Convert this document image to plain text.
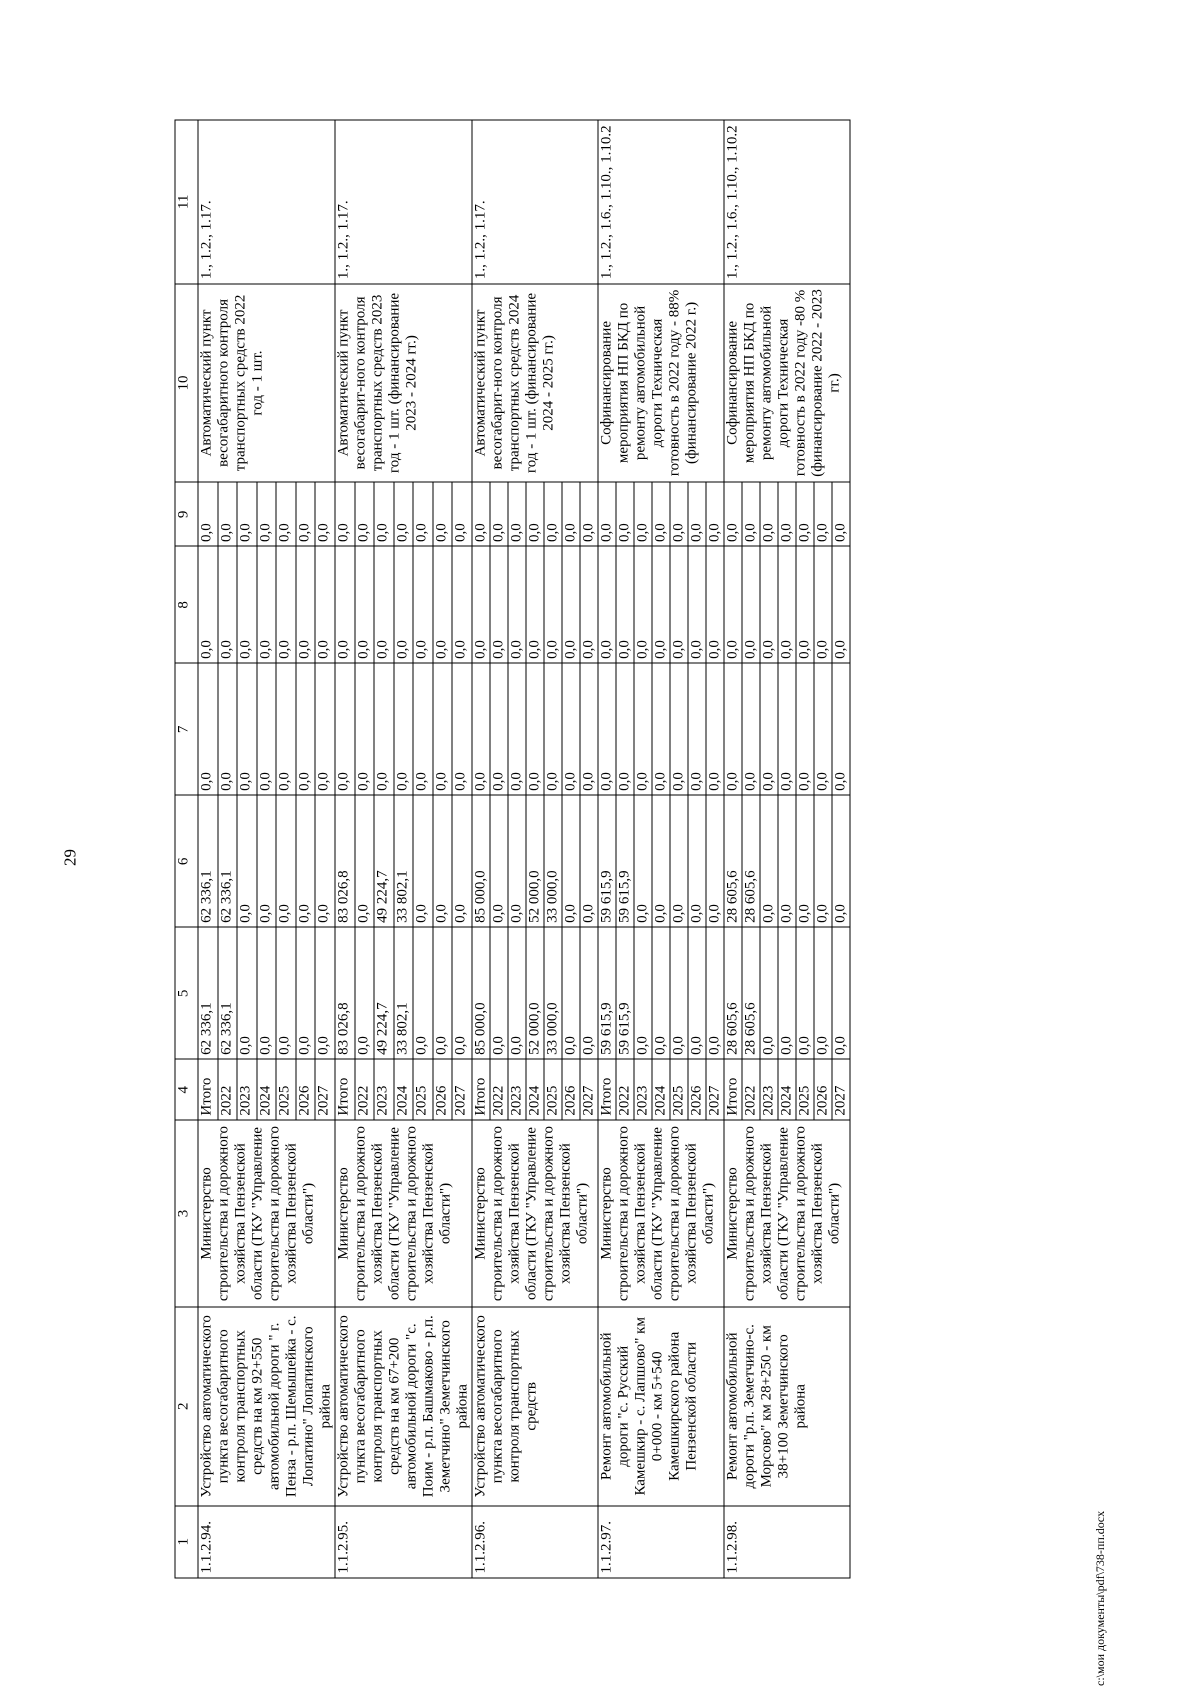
29
1	2	3	4	5	6	7	8	9	10	11
1.1.2.94.	Устройство автоматического пункта весогабаритного контроля транспортных средств на км 92+550 автомобильной дороги " г. Пенза - р.п. Шемышейка - с. Лопатино" Лопатинского района	Министерство строительства и дорожного хозяйства Пензенской области (ГКУ "Управление строительства и дорожного хозяйства Пензенской области")	Итого	62 336,1	62 336,1	0,0	0,0	0,0	Автоматический пункт весогабаритного контроля транспортных средств 2022 год - 1 шт.	1., 1.2., 1.17.
			2022	62 336,1	62 336,1	0,0	0,0	0,0		
			2023	0,0	0,0	0,0	0,0	0,0		
			2024	0,0	0,0	0,0	0,0	0,0		
			2025	0,0	0,0	0,0	0,0	0,0		
			2026	0,0	0,0	0,0	0,0	0,0		
			2027	0,0	0,0	0,0	0,0	0,0		
1.1.2.95.	Устройство автоматического пункта весогабаритного контроля транспортных средств на км 67+200 автомобильной дороги "с. Поим - р.п. Башмаково - р.п. Земетчино" Земетчинского района	Министерство строительства и дорожного хозяйства Пензенской области (ГКУ "Управление строительства и дорожного хозяйства Пензенской области")	Итого	83 026,8	83 026,8	0,0	0,0	0,0	Автоматический пункт весогабарит-ного контроля транспортных средств 2023 год - 1 шт. (финансирование 2023 - 2024 гг.)	1., 1.2., 1.17.
			2022	0,0	0,0	0,0	0,0	0,0		
			2023	49 224,7	49 224,7	0,0	0,0	0,0		
			2024	33 802,1	33 802,1	0,0	0,0	0,0		
			2025	0,0	0,0	0,0	0,0	0,0		
			2026	0,0	0,0	0,0	0,0	0,0		
			2027	0,0	0,0	0,0	0,0	0,0		
1.1.2.96.	Устройство автоматического пункта весогабаритного контроля транспортных средств	Министерство строительства и дорожного хозяйства Пензенской области (ГКУ "Управление строительства и дорожного хозяйства Пензенской области")	Итого	85 000,0	85 000,0	0,0	0,0	0,0	Автоматический пункт весогабарит-ного контроля транспортных средств 2024 год - 1 шт. (финансирование 2024 - 2025 гг.)	1., 1.2., 1.17.
			2022	0,0	0,0	0,0	0,0	0,0		
			2023	0,0	0,0	0,0	0,0	0,0		
			2024	52 000,0	52 000,0	0,0	0,0	0,0		
			2025	33 000,0	33 000,0	0,0	0,0	0,0		
			2026	0,0	0,0	0,0	0,0	0,0		
			2027	0,0	0,0	0,0	0,0	0,0		
1.1.2.97.	Ремонт автомобильной дороги "с. Русский Камешкир - с. Лапшово" км 0+000 - км 5+540 Камешкирского района Пензенской области	Министерство строительства и дорожного хозяйства Пензенской области (ГКУ "Управление строительства и дорожного хозяйства Пензенской области")	Итого	59 615,9	59 615,9	0,0	0,0	0,0	Софинансирование мероприятия НП БКД по ремонту автомобильной дороги Техническая готовность в 2022 году - 88% (финансирование 2022 г.)	1., 1.2., 1.6., 1.10., 1.10.2
			2022	59 615,9	59 615,9	0,0	0,0	0,0		
			2023	0,0	0,0	0,0	0,0	0,0		
			2024	0,0	0,0	0,0	0,0	0,0		
			2025	0,0	0,0	0,0	0,0	0,0		
			2026	0,0	0,0	0,0	0,0	0,0		
			2027	0,0	0,0	0,0	0,0	0,0		
1.1.2.98.	Ремонт автомобильной дороги "р.п. Земетчино-с. Морсово" км 28+250 - км 38+100 Земетчинского района	Министерство строительства и дорожного хозяйства Пензенской области (ГКУ "Управление строительства и дорожного хозяйства Пензенской области")	Итого	28 605,6	28 605,6	0,0	0,0	0,0	Софинансирование мероприятия НП БКД по ремонту автомобильной дороги Техническая готовность в 2022 году -80 % (финансирование 2022 - 2023 гг.)	1., 1.2., 1.6., 1.10., 1.10.2
			2022	28 605,6	28 605,6	0,0	0,0	0,0		
			2023	0,0	0,0	0,0	0,0	0,0		
			2024	0,0	0,0	0,0	0,0	0,0		
			2025	0,0	0,0	0,0	0,0	0,0		
			2026	0,0	0,0	0,0	0,0	0,0		
			2027	0,0	0,0	0,0	0,0	0,0		
c:\мои документы\pdf\738-пп.docx
